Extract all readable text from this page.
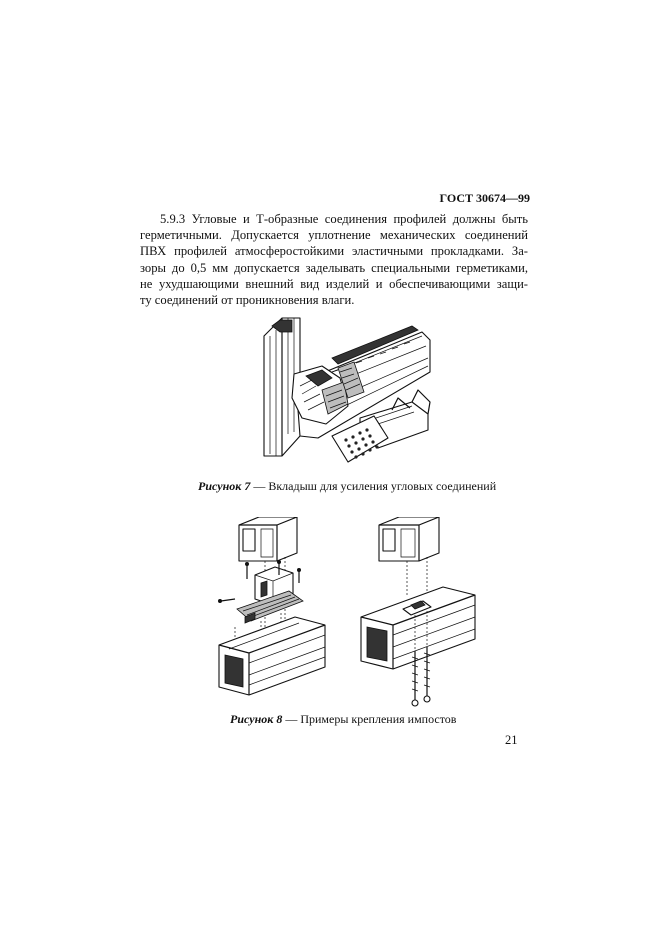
ГОСТ 30674—99
5.9.3 Угловые и Т-образные соединения профилей должны быть
герметичными. Допускается уплотнение механических соединений
ПВХ профилей атмосферостойкими эластичными прокладками. За-
зоры до 0,5 мм допускается заделывать специальными герметиками,
не ухудшающими внешний вид изделий и обеспечивающими защи-
ту соединений от проникновения влаги.
Рисунок 7 — Вкладыш для усиления угловых соединений
Рисунок 8 — Примеры крепления импостов
21
